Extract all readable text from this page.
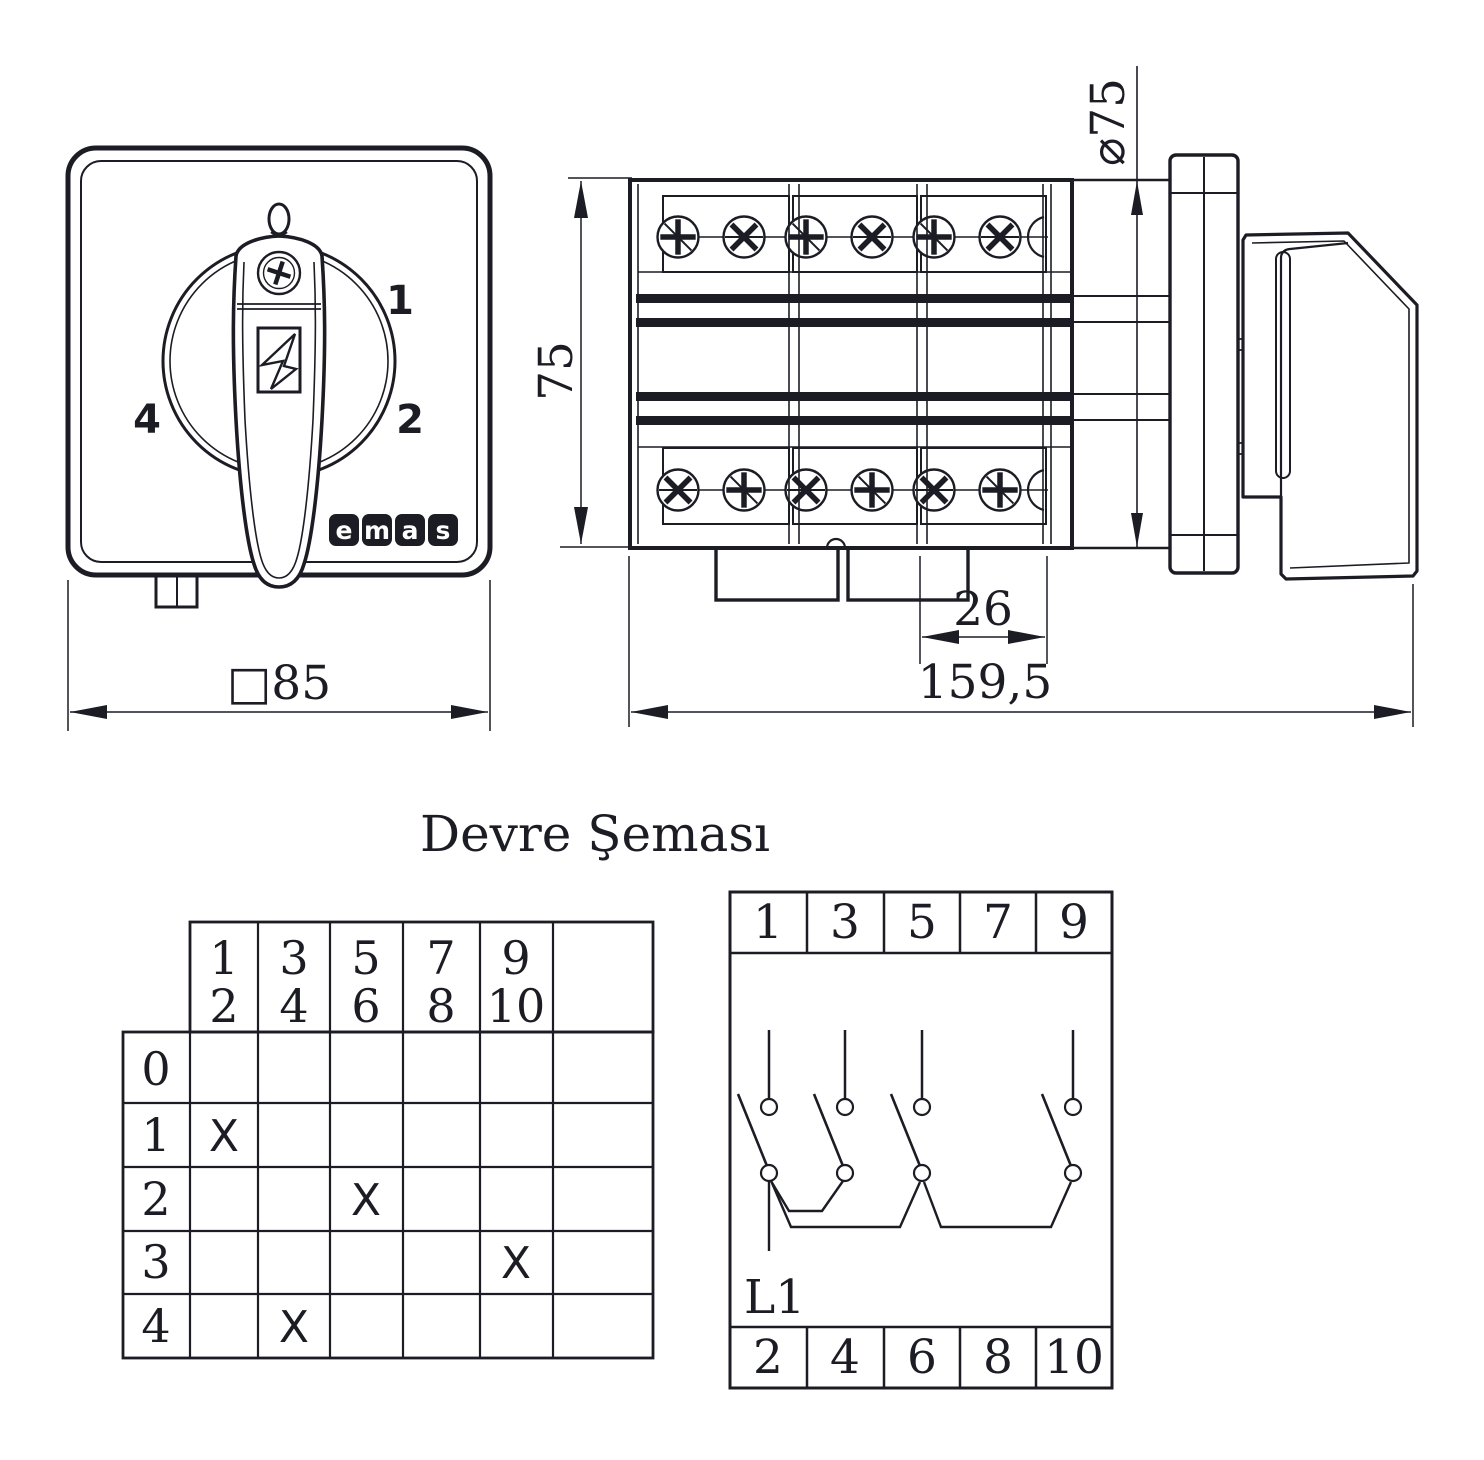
1
2
4
e m a s
□85
75
⌀75
26
159,5
Devre Şeması
1
2
3
4
5
6
7
8
9
10
0
1
2
3
4
X
X
X
X
1 3 5 7 9
2 4 6 8 10
L1
